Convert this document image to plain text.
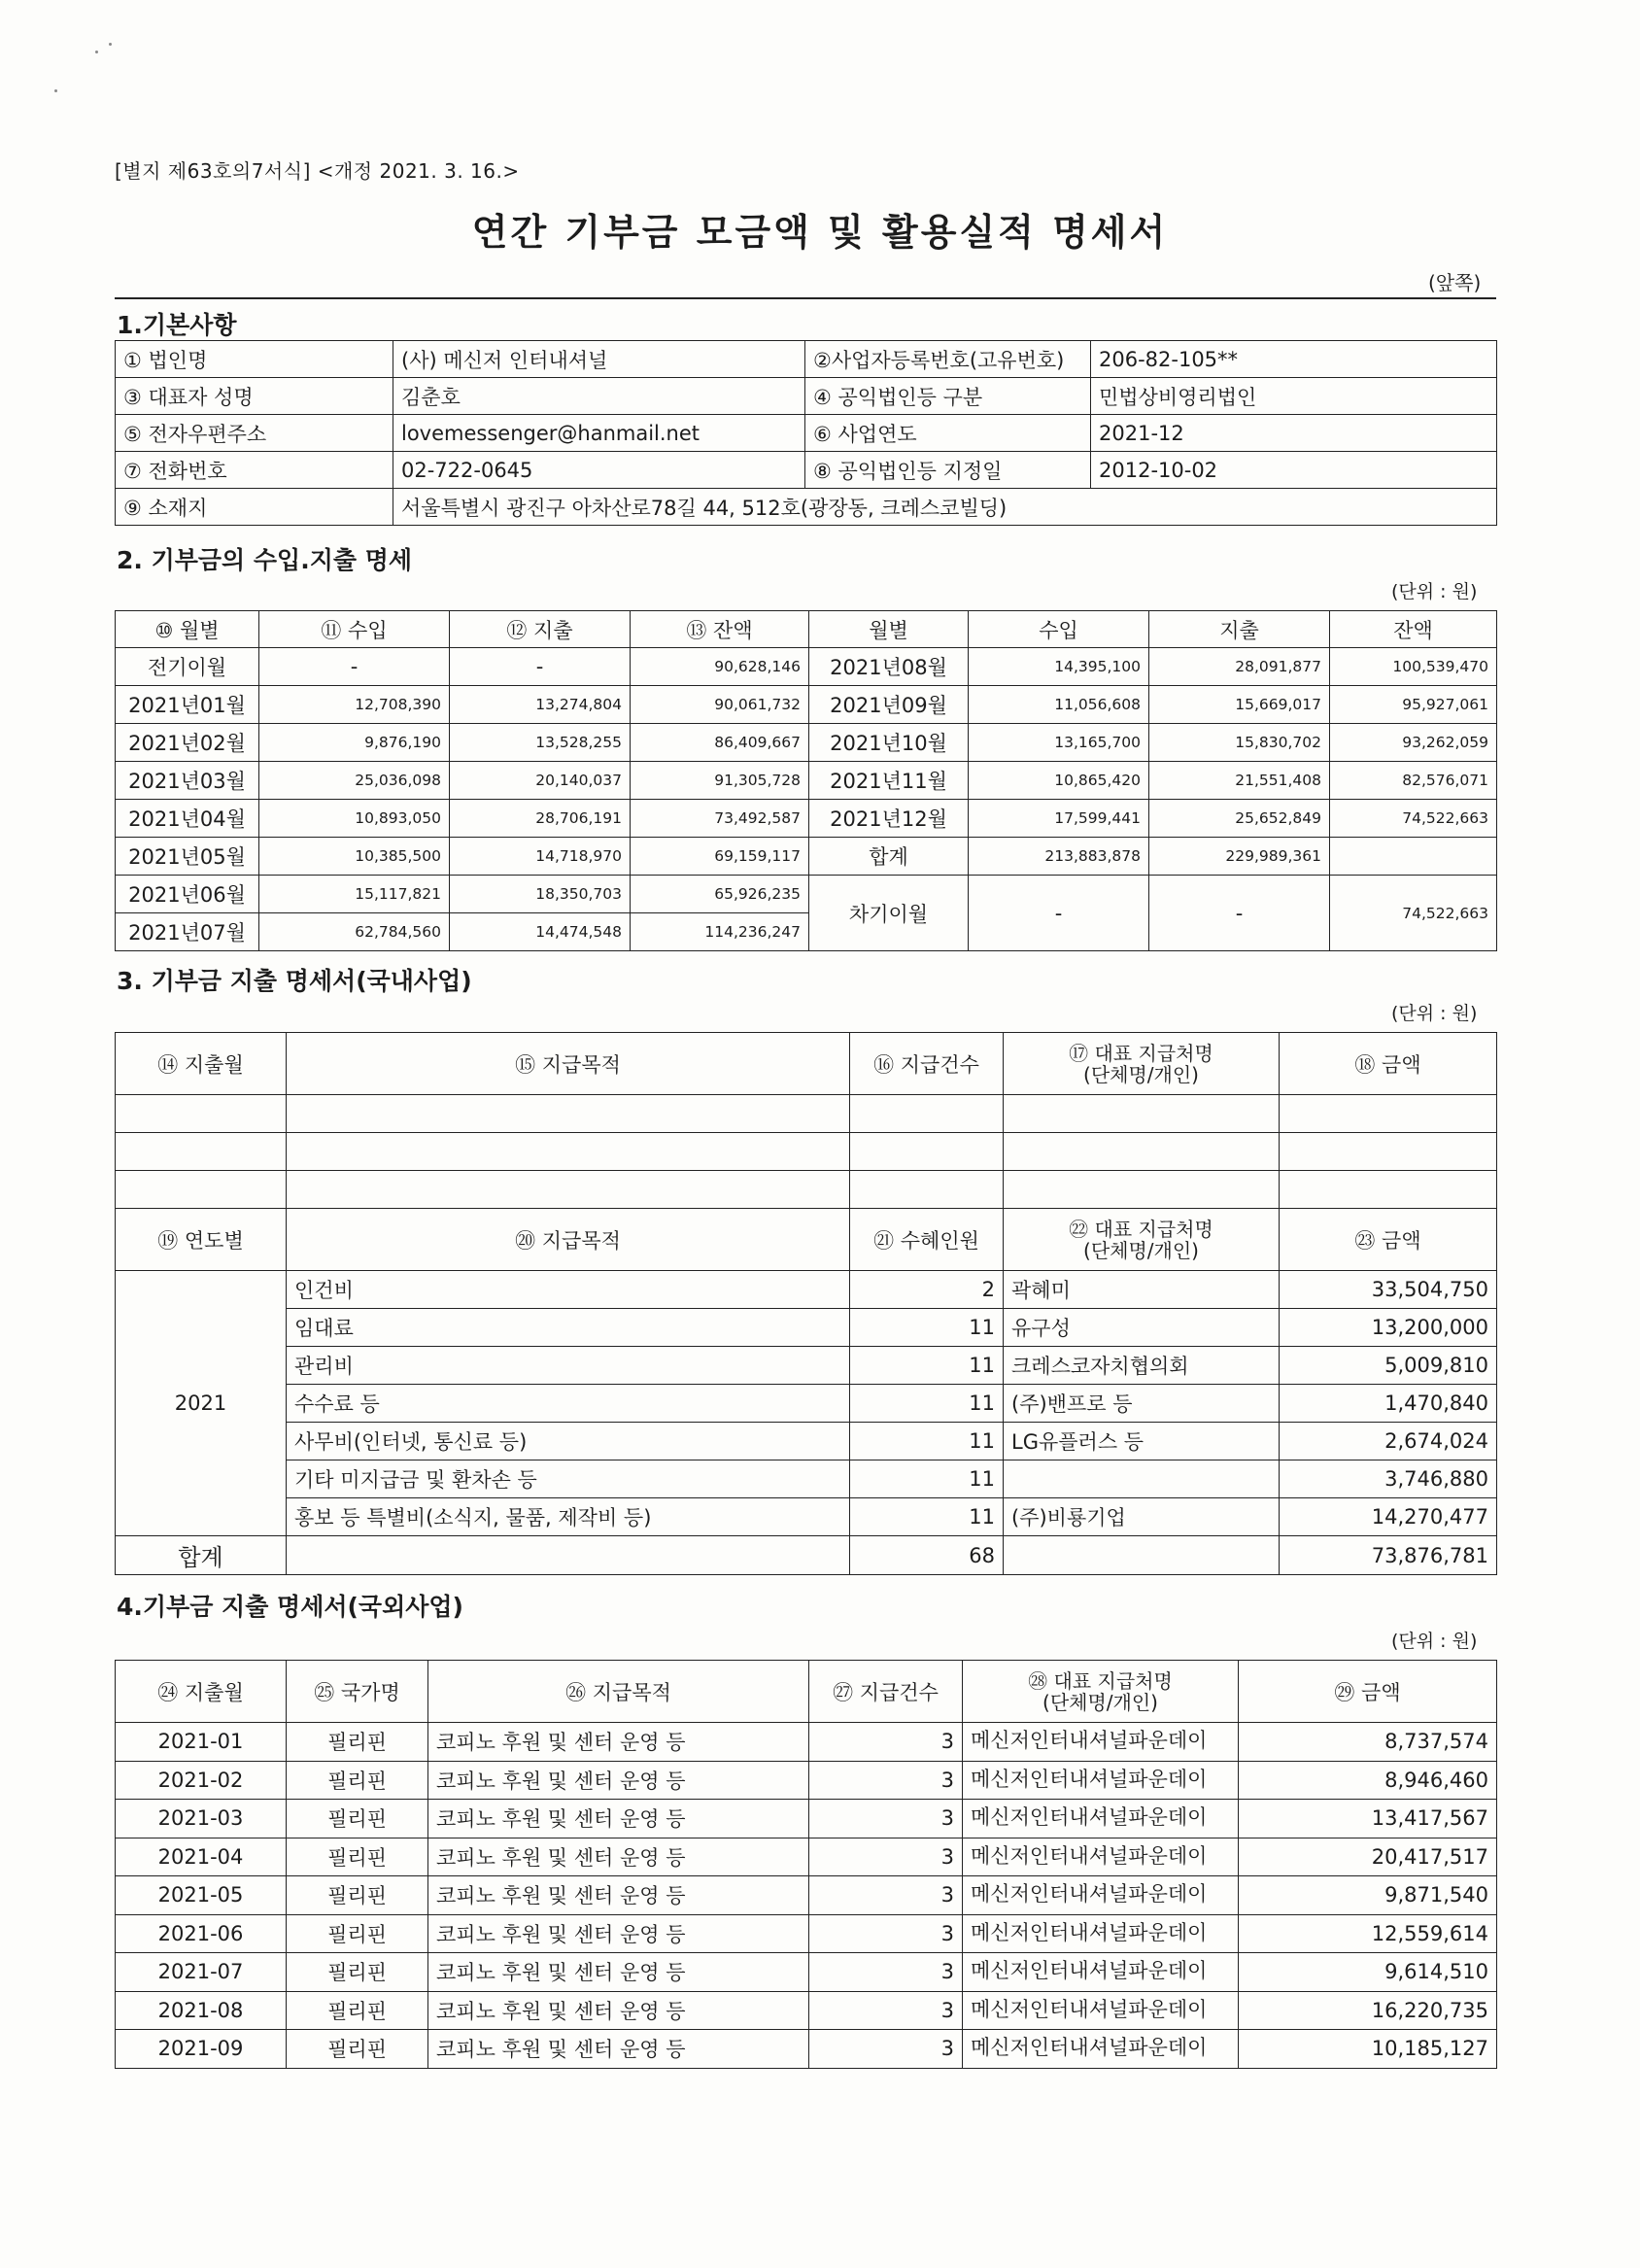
[별지 제63호의7서식] <개정 2021. 3. 16.>
연간 기부금 모금액 및 활용실적 명세서
(앞쪽)
1.기본사항
① 법인명	(사) 메신저 인터내셔널	②사업자등록번호(고유번호)	206-82-105**
③ 대표자 성명	김춘호	④ 공익법인등 구분	민법상비영리법인
⑤ 전자우편주소	lovemessenger@hanmail.net	⑥ 사업연도	2021-12
⑦ 전화번호	02-722-0645	⑧ 공익법인등 지정일	2012-10-02
⑨ 소재지	서울특별시 광진구 아차산로78길 44, 512호(광장동, 크레스코빌딩)		
2. 기부금의 수입.지출 명세
(단위 : 원)
⑩ 월별	⑪ 수입	⑫ 지출	⑬ 잔액	월별	수입	지출	잔액
전기이월	-	-	90,628,146	2021년08월	14,395,100	28,091,877	100,539,470
2021년01월	12,708,390	13,274,804	90,061,732	2021년09월	11,056,608	15,669,017	95,927,061
2021년02월	9,876,190	13,528,255	86,409,667	2021년10월	13,165,700	15,830,702	93,262,059
2021년03월	25,036,098	20,140,037	91,305,728	2021년11월	10,865,420	21,551,408	82,576,071
2021년04월	10,893,050	28,706,191	73,492,587	2021년12월	17,599,441	25,652,849	74,522,663
2021년05월	10,385,500	14,718,970	69,159,117	합계	213,883,878	229,989,361	
2021년06월	15,117,821	18,350,703	65,926,235	차기이월	-	-	74,522,663
2021년07월	62,784,560	14,474,548	114,236,247				
3. 기부금 지출 명세서(국내사업)
(단위 : 원)
⑭ 지출월	⑮ 지급목적	⑯ 지급건수	⑰ 대표 지급처명
(단체명/개인)	⑱ 금액

⑲ 연도별	⑳ 지급목적	㉑ 수혜인원	㉒ 대표 지급처명
(단체명/개인)	㉓ 금액
2021	인건비	2	곽혜미	33,504,750
	임대료	11	유구성	13,200,000
	관리비	11	크레스코자치협의회	5,009,810
	수수료 등	11	(주)밴프로 등	1,470,840
	사무비(인터넷, 통신료 등)	11	LG유플러스 등	2,674,024
	기타 미지급금 및 환차손 등	11		3,746,880
	홍보 등 특별비(소식지, 물품, 제작비 등)	11	(주)비룡기업	14,270,477
합계		68		73,876,781
4.기부금 지출 명세서(국외사업)
(단위 : 원)
㉔ 지출월	㉕ 국가명	㉖ 지급목적	㉗ 지급건수	㉘ 대표 지급처명
(단체명/개인)	㉙ 금액
2021-01	필리핀	코피노 후원 및 센터 운영 등	3	메신저인터내셔널파운데이	8,737,574
2021-02	필리핀	코피노 후원 및 센터 운영 등	3	메신저인터내셔널파운데이	8,946,460
2021-03	필리핀	코피노 후원 및 센터 운영 등	3	메신저인터내셔널파운데이	13,417,567
2021-04	필리핀	코피노 후원 및 센터 운영 등	3	메신저인터내셔널파운데이	20,417,517
2021-05	필리핀	코피노 후원 및 센터 운영 등	3	메신저인터내셔널파운데이	9,871,540
2021-06	필리핀	코피노 후원 및 센터 운영 등	3	메신저인터내셔널파운데이	12,559,614
2021-07	필리핀	코피노 후원 및 센터 운영 등	3	메신저인터내셔널파운데이	9,614,510
2021-08	필리핀	코피노 후원 및 센터 운영 등	3	메신저인터내셔널파운데이	16,220,735
2021-09	필리핀	코피노 후원 및 센터 운영 등	3	메신저인터내셔널파운데이	10,185,127
